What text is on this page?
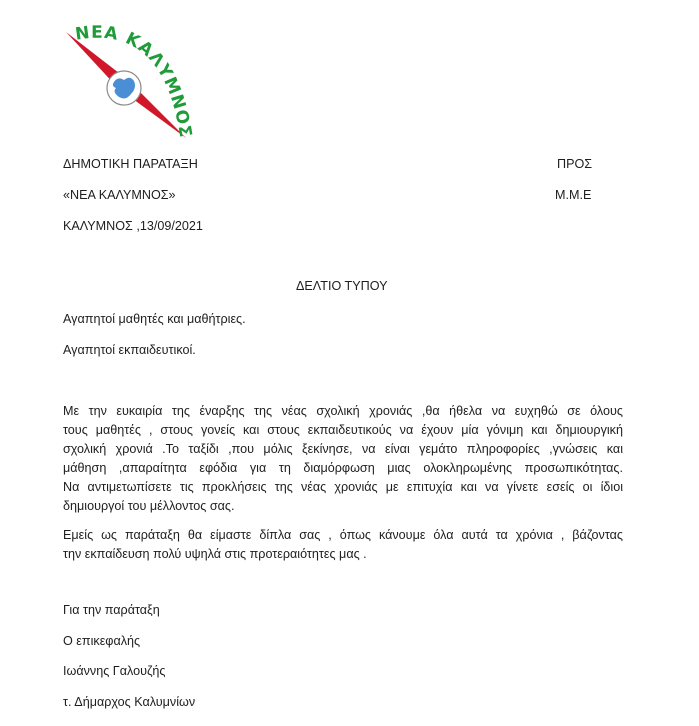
ΝΕΑ ΚΑΛΥΜΝΟΣ
ΔΗΜΟΤΙΚΗ ΠΑΡΑΤΑΞΗ
«ΝΕΑ ΚΑΛΥΜΝΟΣ»
ΚΑΛΥΜΝΟΣ ,13/09/2021
ΠΡΟΣ
Μ.Μ.Ε
ΔΕΛΤΙΟ ΤΥΠΟΥ
Αγαπητοί μαθητές και μαθήτριες.
Αγαπητοί εκπαιδευτικοί.
Με την ευκαιρία της έναρξης της νέας σχολική χρονιάς ,θα ήθελα να ευχηθώ σε όλους
τους μαθητές , στους γονείς και στους εκπαιδευτικούς να έχουν μία γόνιμη και δημιουργική
σχολική χρονιά .Το ταξίδι ,που μόλις ξεκίνησε, να είναι γεμάτο πληροφορίες ,γνώσεις και
μάθηση ,απαραίτητα εφόδια για τη διαμόρφωση μιας ολοκληρωμένης προσωπικότητας.
Να αντιμετωπίσετε τις προκλήσεις της νέας χρονιάς με επιτυχία και να γίνετε εσείς οι ίδιοι
δημιουργοί του μέλλοντος σας.
Εμείς ως παράταξη θα είμαστε δίπλα σας , όπως κάνουμε όλα αυτά τα χρόνια , βάζοντας
την εκπαίδευση πολύ υψηλά στις προτεραιότητες μας .
Για την παράταξη
Ο επικεφαλής
Ιωάννης Γαλουζής
τ. Δήμαρχος Καλυμνίων
